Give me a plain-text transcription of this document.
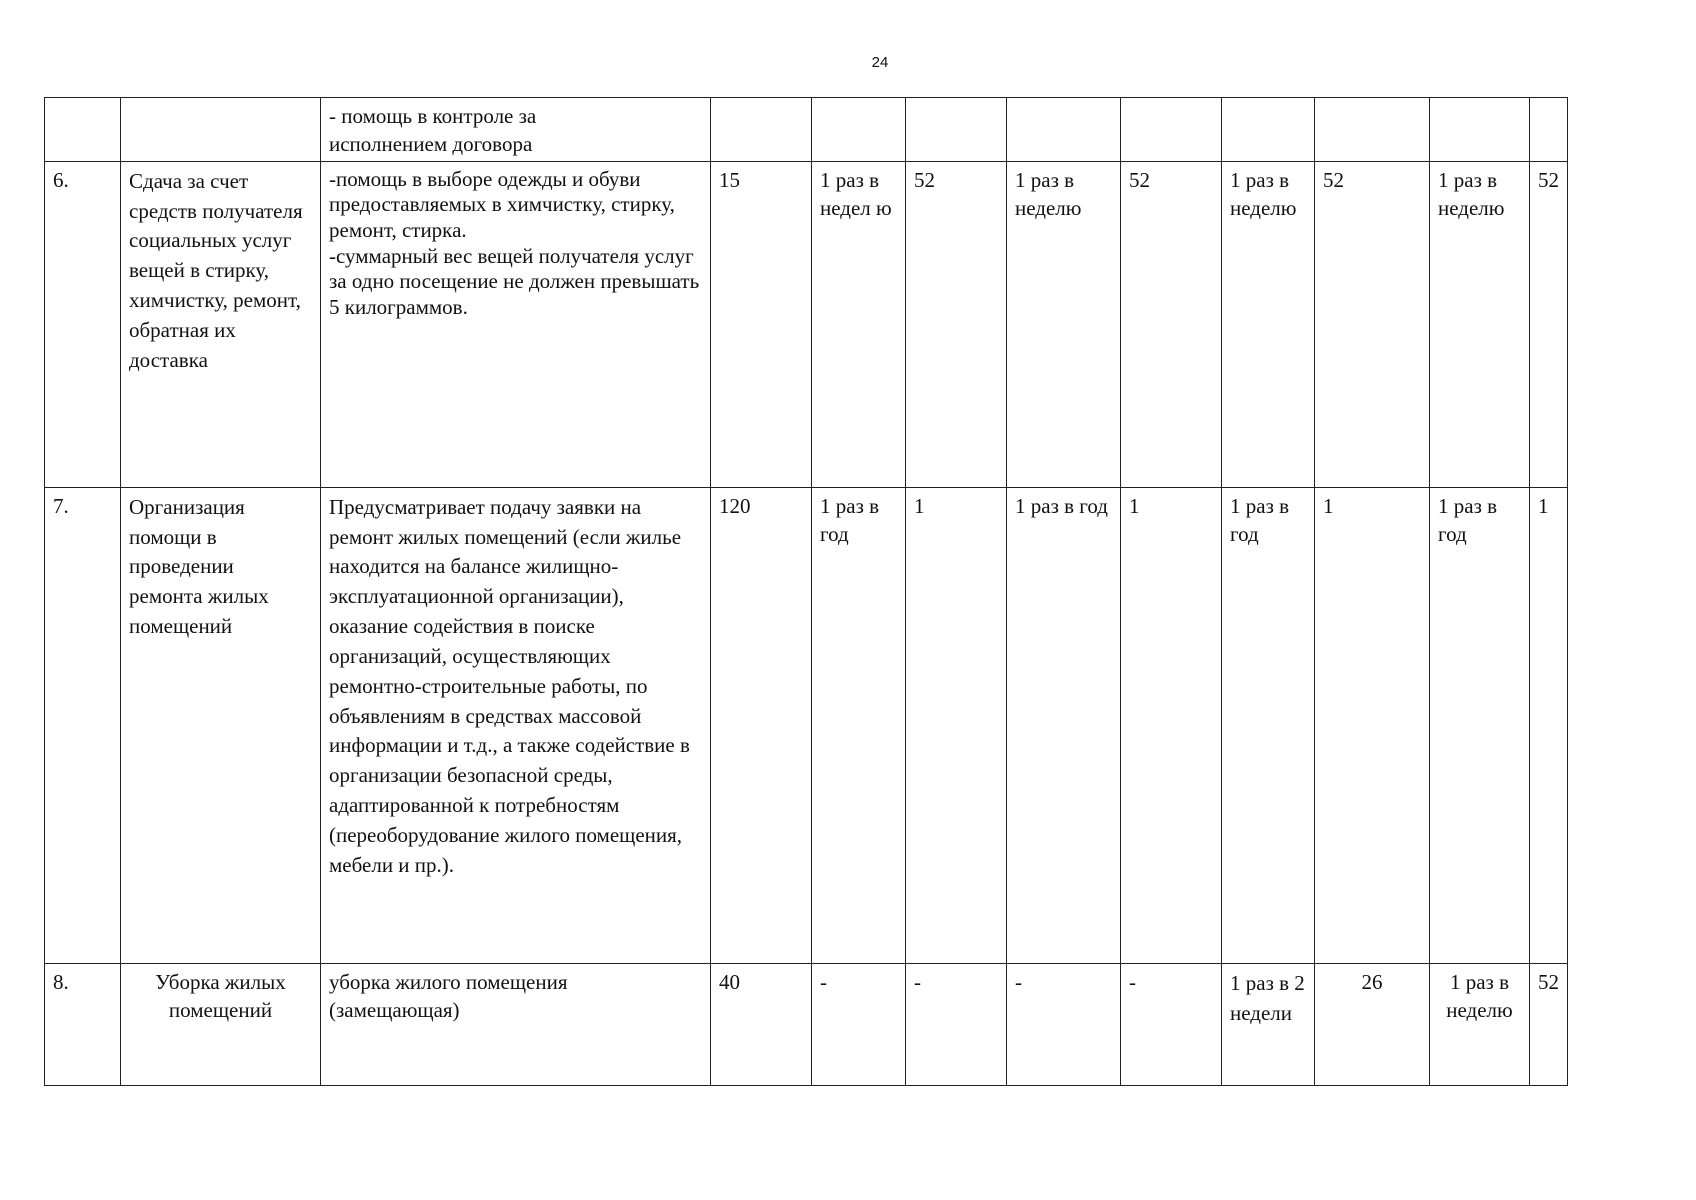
24
		- помощь в контроле за
исполнением договора									
6.	Сдача за счет средств получателя социальных услуг вещей в стирку, химчистку, ремонт, обратная их доставка	-помощь в выборе одежды и обуви предоставляемых в химчистку, стирку, ремонт, стирка.
-суммарный вес вещей получателя услуг за одно посещение не должен превышать 5 килограммов.	15	1 раз в недел ю	52	1 раз в неделю	52	1 раз в неделю	52	1 раз в неделю	52
7.	Организация помощи в проведении ремонта жилых помещений	Предусматривает подачу заявки на ремонт жилых помещений (если жилье находится на балансе жилищно-эксплуатационной организации), оказание содействия в поиске организаций, осуществляющих ремонтно-строительные работы, по объявлениям в средствах массовой информации и т.д., а также содействие в организации безопасной среды, адаптированной к потребностям (переоборудование жилого помещения, мебели и пр.).	120	1 раз в год	1	1 раз в год	1	1 раз в год	1	1 раз в год	1
8.	Уборка жилых помещений	уборка жилого помещения (замещающая)	40	-	-	-	-	1 раз в 2 недели	26	1 раз в неделю	52
